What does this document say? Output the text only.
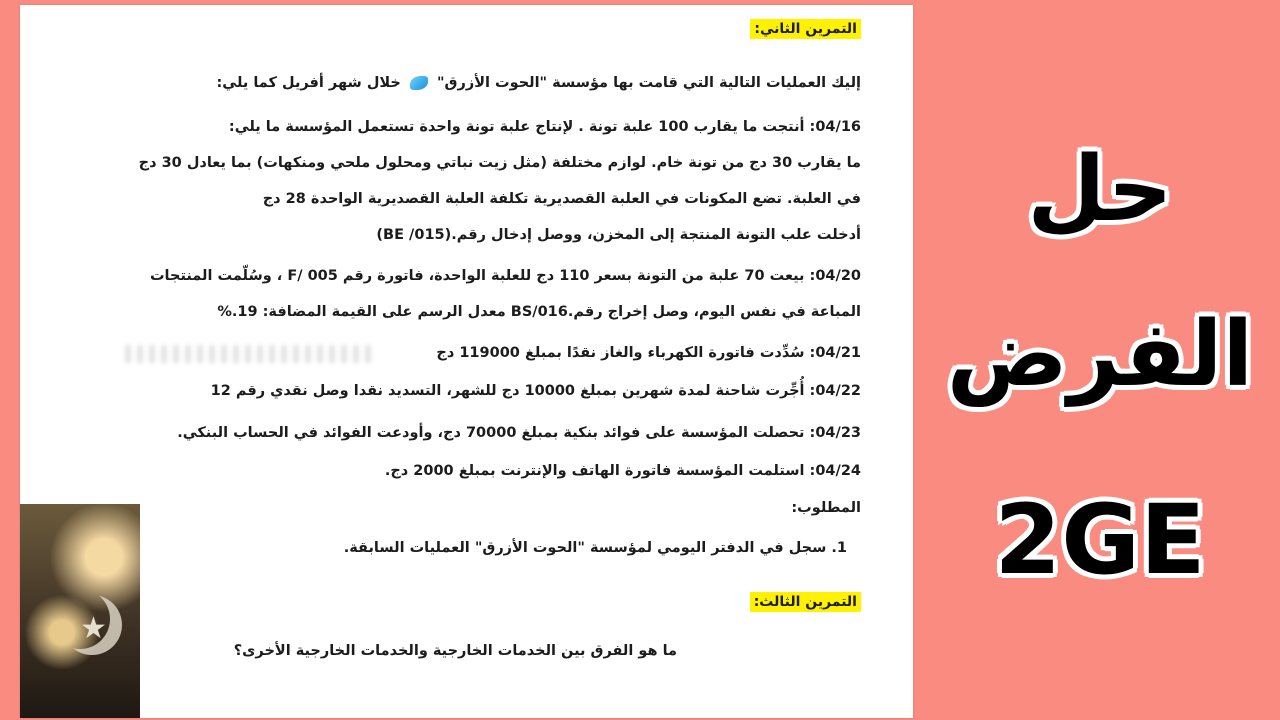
التمرين الثاني:
إليك العمليات التالية التي قامت بها مؤسسة "الحوت الأزرق"  خلال شهر أفريل كما يلي:
04/16: أنتجت ما يقارب 100 علبة تونة . لإنتاج علبة تونة واحدة تستعمل المؤسسة ما يلي:
ما يقارب 30 دج من تونة خام. لوازم مختلفة (مثل زيت نباتي ومحلول ملحي ومنكهات) بما يعادل 30 دج
في العلبة. تضع المكونات في العلبة القصديرية تكلفة العلبة القصديرية الواحدة 28 دج
أدخلت علب التونة المنتجة إلى المخزن، ووصل إدخال رقم.(015/ BE)
04/20: بيعت 70 علبة من التونة بسعر 110 دج للعلبة الواحدة، فاتورة رقم F/ 005 ، وسُلّمت المنتجات
المباعة في نفس اليوم، وصل إخراج رقم.BS/016 معدل الرسم على القيمة المضافة: 19.%
04/21: سُدِّدت فاتورة الكهرباء والغاز نقدًا بمبلغ 119000 دج
04/22: أُجِّرت شاحنة لمدة شهرين بمبلغ 10000 دج للشهر، التسديد نقدا وصل نقدي رقم 12
04/23: تحصلت المؤسسة على فوائد بنكية بمبلغ 70000 دج، وأودعت الفوائد في الحساب البنكي.
04/24: استلمت المؤسسة فاتورة الهاتف والإنترنت بمبلغ 2000 دج.
المطلوب:
1. سجل في الدفتر اليومي لمؤسسة "الحوت الأزرق" العمليات السابقة.
التمرين الثالث:
ما هو الفرق بين الخدمات الخارجية والخدمات الخارجية الأخرى؟
★
حل
الفرض
2GE
